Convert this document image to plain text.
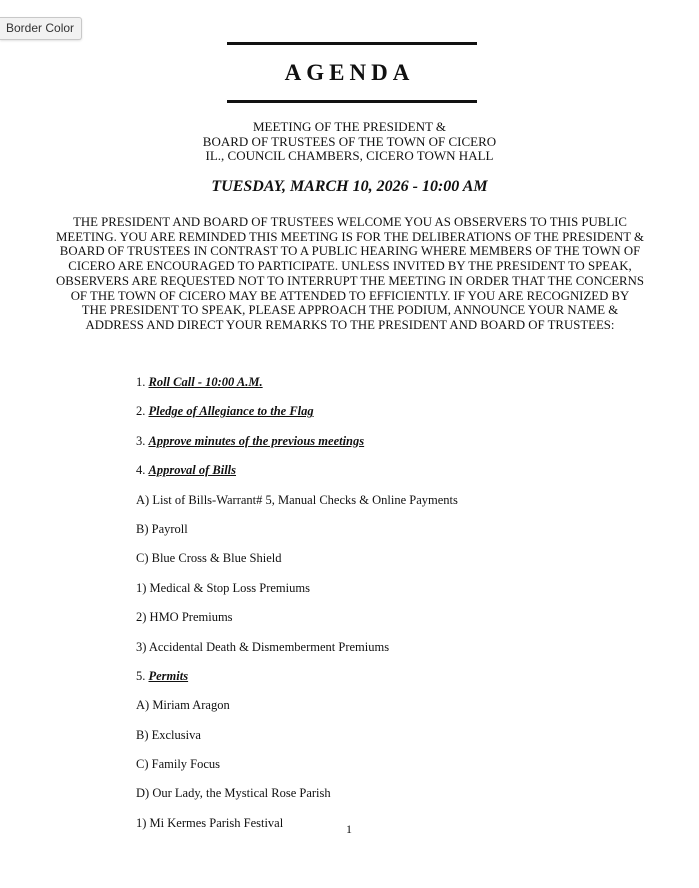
Border Color
AGENDA
MEETING OF THE PRESIDENT &
BOARD OF TRUSTEES OF THE TOWN OF CICERO
IL., COUNCIL CHAMBERS, CICERO TOWN HALL
TUESDAY, MARCH 10, 2026 - 10:00 AM
THE PRESIDENT AND BOARD OF TRUSTEES WELCOME YOU AS OBSERVERS TO THIS PUBLIC
MEETING. YOU ARE REMINDED THIS MEETING IS FOR THE DELIBERATIONS OF THE PRESIDENT &
BOARD OF TRUSTEES IN CONTRAST TO A PUBLIC HEARING WHERE MEMBERS OF THE TOWN OF
CICERO ARE ENCOURAGED TO PARTICIPATE. UNLESS INVITED BY THE PRESIDENT TO SPEAK,
OBSERVERS ARE REQUESTED NOT TO INTERRUPT THE MEETING IN ORDER THAT THE CONCERNS
OF THE TOWN OF CICERO MAY BE ATTENDED TO EFFICIENTLY. IF YOU ARE RECOGNIZED BY
THE PRESIDENT TO SPEAK, PLEASE APPROACH THE PODIUM, ANNOUNCE YOUR NAME &
ADDRESS AND DIRECT YOUR REMARKS TO THE PRESIDENT AND BOARD OF TRUSTEES:
1. Roll Call - 10:00 A.M.
2. Pledge of Allegiance to the Flag
3. Approve minutes of the previous meetings
4. Approval of Bills
A) List of Bills-Warrant# 5, Manual Checks & Online Payments
B) Payroll
C) Blue Cross & Blue Shield
1) Medical & Stop Loss Premiums
2) HMO Premiums
3) Accidental Death & Dismemberment Premiums
5. Permits
A) Miriam Aragon
B) Exclusiva
C) Family Focus
D) Our Lady, the Mystical Rose Parish
1) Mi Kermes Parish Festival	1
